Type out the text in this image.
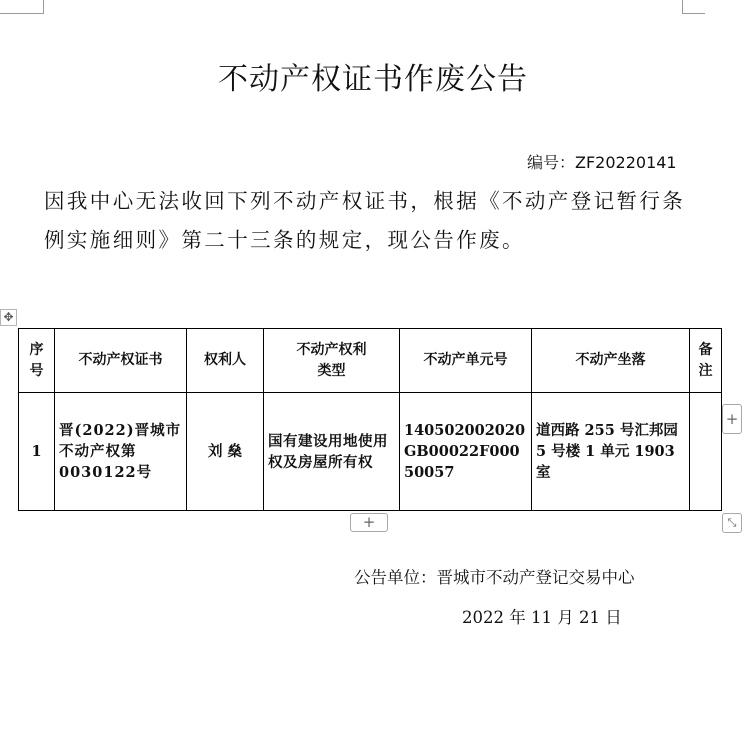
不动产权证书作废公告
编号：ZF20220141
因我中心无法收回下列不动产权证书，根据《不动产登记暂行条例实施细则》第二十三条的规定，现公告作废。
✥
序号	不动产权证书	权利人	不动产权利类型	不动产单元号	不动产坐落	备注
1	晋(2022)晋城市不动产权第0030122号	刘 燊	国有建设用地使用权及房屋所有权	140502002020GB00022F00050057	道西路 255 号汇邦园 5 号楼 1 单元 1903 室	
+
+	⤡
公告单位：晋城市不动产登记交易中心
2022 年 11 月 21 日
